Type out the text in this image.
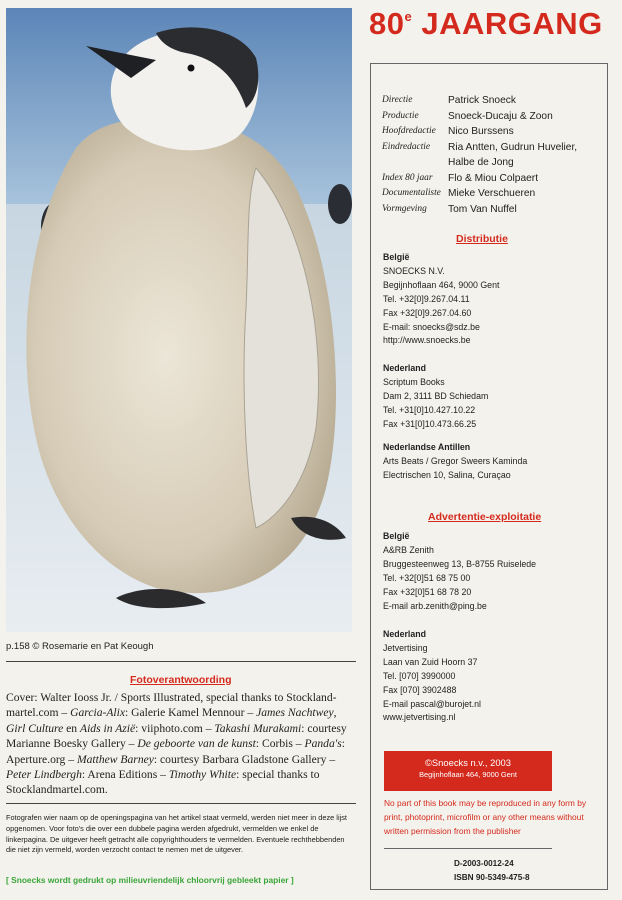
p.158 © Rosemarie en Pat Keough
Fotoverantwoording
Cover: Walter Iooss Jr. / Sports Illustrated, special thanks to Stockland-martel.com – Garcia-Alix: Galerie Kamel Mennour – James Nachtwey, Girl Culture en Aids in Azië: viiphoto.com – Takashi Murakami: courtesy Marianne Boesky Gallery – De geboorte van de kunst: Corbis – Panda's: Aperture.org – Matthew Barney: courtesy Barbara Gladstone Gallery – Peter Lindbergh: Arena Editions – Timothy White: special thanks to Stocklandmartel.com.
Fotografen wier naam op de openingspagina van het artikel staat vermeld, werden niet meer in deze lijst opgenomen. Voor foto's die over een dubbele pagina werden afgedrukt, vermelden we enkel de linkerpagina. De uitgever heeft getracht alle copyrighthouders te vermelden. Eventuele rechthebbenden die niet zijn vermeld, worden verzocht contact te nemen met de uitgever.
[ Snoecks wordt gedrukt op milieuvriendelijk chloorvrij gebleekt papier ]
80e JAARGANG
Directie	Patrick Snoeck
Productie	Snoeck-Ducaju & Zoon
Hoofdredactie	Nico Burssens
Eindredactie	Ria Antten, Gudrun Huvelier,
Halbe de Jong
Index 80 jaar	Flo & Miou Colpaert
Documentaliste Mieke Verschueren
Vormgeving	Tom Van Nuffel
Distributie
België
SNOECKS N.V.
Begijnhoflaan 464, 9000 Gent
Tel. +32[0]9.267.04.11
Fax +32[0]9.267.04.60
E-mail: snoecks@sdz.be
http://www.snoecks.be
Nederland
Scriptum Books
Dam 2, 3111 BD Schiedam
Tel. +31[0]10.427.10.22
Fax +31[0]10.473.66.25
Nederlandse Antillen
Arts Beats / Gregor Sweers Kaminda
Electrischen 10, Salina, Curaçao
Advertentie-exploitatie
België
A&RB Zenith
Bruggesteenweg 13, B-8755 Ruiselede
Tel. +32[0]51 68 75 00
Fax +32[0]51 68 78 20
E-mail arb.zenith@ping.be
Nederland
Jetvertising
Laan van Zuid Hoorn 37
Tel. [070] 3990000
Fax [070] 3902488
E-mail pascal@burojet.nl
www.jetvertising.nl
©Snoecks n.v., 2003
Begijnhoflaan 464, 9000 Gent
No part of this book may be reproduced in any form by print, photoprint, microfilm or any other means without written permission from the publisher
D-2003-0012-24
ISBN 90-5349-475-8
